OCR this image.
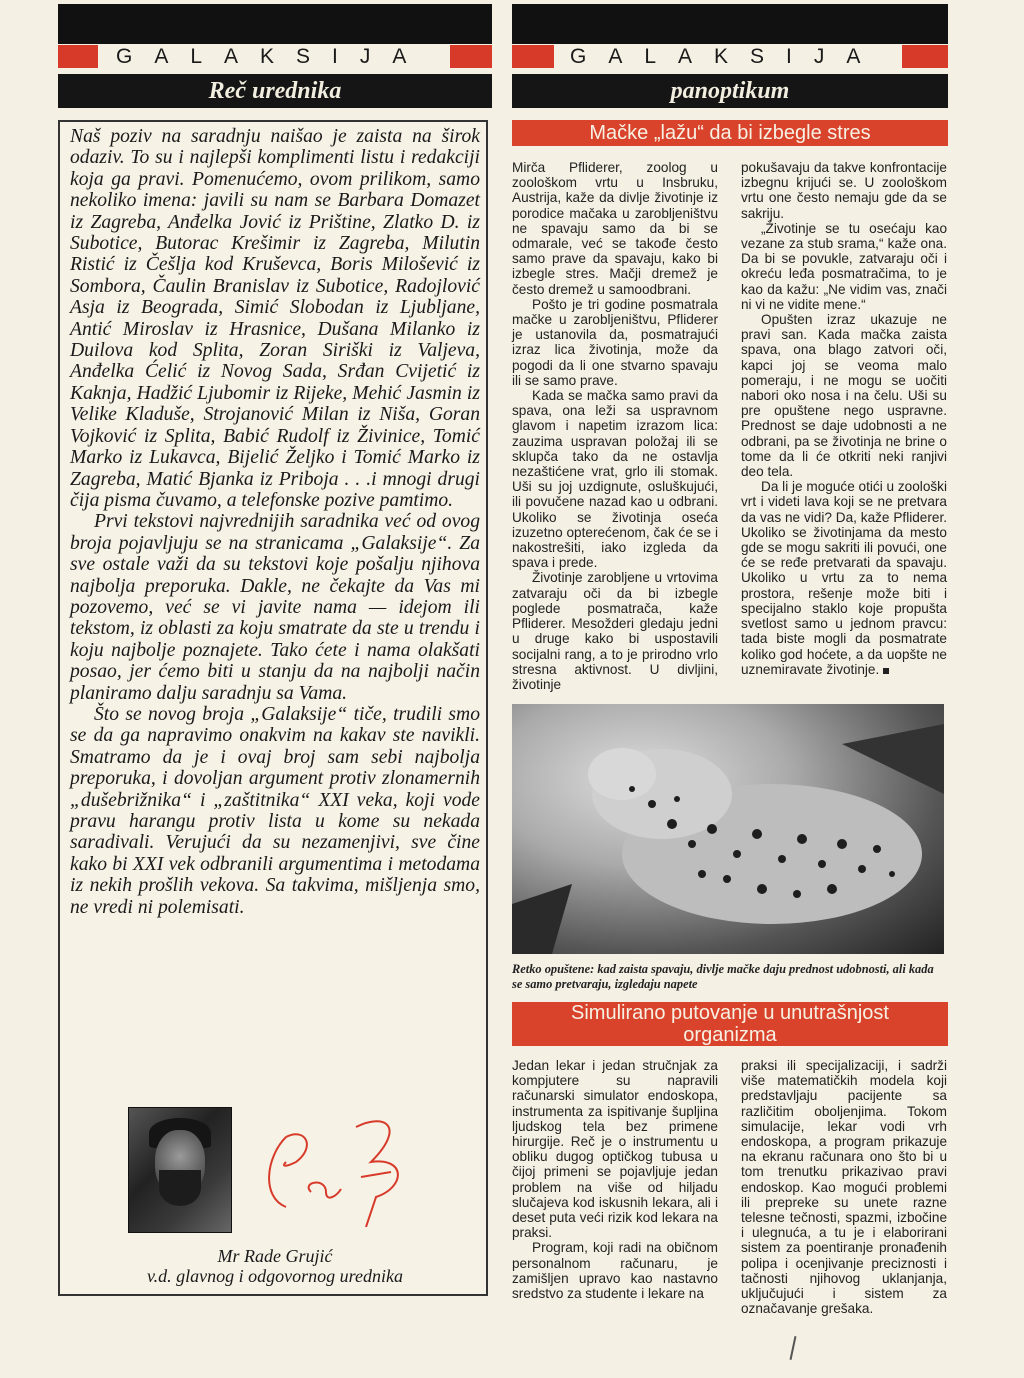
GALAKSIJA
Reč urednika

Naš poziv na saradnju naišao je zaista na širok odaziv. To su i najlepši komplimenti listu i redakciji koja ga pravi. Pomenućemo, ovom prilikom, samo nekoliko imena: javili su nam se Barbara Domazet iz Zagreba, Anđelka Jović iz Prištine, Zlatko D. iz Subotice, Butorac Krešimir iz Zagreba, Milutin Ristić iz Češlja kod Kruševca, Boris Milošević iz Sombora, Čaulin Branislav iz Subotice, Radojlović Asja iz Beograda, Simić Slobodan iz Ljubljane, Antić Miroslav iz Hrasnice, Dušana Milanko iz Duilova kod Splita, Zoran Siriški iz Valjeva, Anđelka Ćelić iz Novog Sada, Srđan Cvijetić iz Kaknja, Hadžić Ljubomir iz Rijeke, Mehić Jasmin iz Velike Kladuše, Strojanović Milan iz Niša, Goran Vojković iz Splita, Babić Rudolf iz Živinice, Tomić Marko iz Lukavca, Bijelić Željko i Tomić Marko iz Zagreba, Matić Bjanka iz Priboja . . .i mnogi drugi čija pisma čuvamo, a telefonske pozive pamtimo.

Prvi tekstovi najvrednijih saradnika već od ovog broja pojavljuju se na stranicama „Galaksije“. Za sve ostale važi da su tekstovi koje pošalju njihova najbolja preporuka. Dakle, ne čekajte da Vas mi pozovemo, već se vi javite nama — idejom ili tekstom, iz oblasti za koju smatrate da ste u trendu i koju najbolje poznajete. Tako ćete i nama olakšati posao, jer ćemo biti u stanju da na najbolji način planiramo dalju saradnju sa Vama.

Što se novog broja „Galaksije“ tiče, trudili smo se da ga napravimo onakvim na kakav ste navikli. Smatramo da je i ovaj broj sam sebi najbolja preporuka, i dovoljan argument protiv zlonamernih „dušebrižnika“ i „zaštitnika“ XXI veka, koji vode pravu harangu protiv lista u kome su nekada saradivali. Verujući da su nezamenjivi, sve čine kako bi XXI vek odbranili argumentima i metodama iz nekih prošlih vekova. Sa takvima, mišljenja smo, ne vredi ni polemisati.

Mr Rade Grujić
v.d. glavnog i odgovornog urednika
GALAKSIJA
panoptikum
Mačke „lažu“ da bi izbegle stres

Mirča Pfliderer, zoolog u zoološkom vrtu u Insbruku, Austrija, kaže da divlje životinje iz porodice mačaka u zarobljeništvu ne spavaju samo da bi se odmarale, već se takođe često samo prave da spavaju, kako bi izbegle stres. Mačji dremež je često dremež u samoodbrani.

Pošto je tri godine posmatrala mačke u zarobljeništvu, Pfliderer je ustanovila da, posmatrajući izraz lica životinja, može da pogodi da li one stvarno spavaju ili se samo prave.

Kada se mačka samo pravi da spava, ona leži sa uspravnom glavom i napetim izrazom lica: zauzima uspravan položaj ili se sklupča tako da ne ostavlja nezaštićene vrat, grlo ili stomak. Uši su joj uzdignute, osluškujući, ili povučene nazad kao u odbrani. Ukoliko se životinja oseća izuzetno opterećenom, čak će se i nakostrešiti, iako izgleda da spava i prede.

Životinje zarobljene u vrtovima zatvaraju oči da bi izbegle poglede posmatrača, kaže Pfliderer. Mesožderi gledaju jedni u druge kako bi uspostavili socijalni rang, a to je prirodno vrlo stresna aktivnost. U divljini, životinje

pokušavaju da takve konfrontacije izbegnu krijući se. U zoološkom vrtu one često nemaju gde da se sakriju.

„Životinje se tu osećaju kao vezane za stub srama,“ kaže ona. Da bi se povukle, zatvaraju oči i okreću leđa posmatračima, to je kao da kažu: „Ne vidim vas, znači ni vi ne vidite mene.“

Opušten izraz ukazuje ne pravi san. Kada mačka zaista spava, ona blago zatvori oči, kapci joj se veoma malo pomeraju, i ne mogu se uočiti nabori oko nosa i na čelu. Uši su pre opuštene nego uspravne. Prednost se daje udobnosti a ne odbrani, pa se životinja ne brine o tome da li će otkriti neki ranjivi deo tela.

Da li je moguće otići u zoološki vrt i videti lava koji se ne pretvara da vas ne vidi? Da, kaže Pfliderer. Ukoliko se životinjama da mesto gde se mogu sakriti ili povući, one će se ređe pretvarati da spavaju. Ukoliko u vrtu za to nema prostora, rešenje može biti i specijalno staklo koje propušta svetlost samo u jednom pravcu: tada biste mogli da posmatrate koliko god hoćete, a da uopšte ne uznemiravate životinje.

Retko opuštene: kad zaista spavaju, divlje mačke daju prednost udobnosti, ali kada se samo pretvaraju, izgledaju napete
Simulirano putovanje u unutrašnjost
organizma

Jedan lekar i jedan stručnjak za kompjutere su napravili računarski simulator endoskopa, instrumenta za ispitivanje šupljina ljudskog tela bez primene hirurgije. Reč je o instrumentu u obliku dugog optičkog tubusa u čijoj primeni se pojavljuje jedan problem na više od hiljadu slučajeva kod iskusnih lekara, ali i deset puta veći rizik kod lekara na praksi.

Program, koji radi na običnom personalnom računaru, je zamišljen upravo kao nastavno sredstvo za studente i lekare na

praksi ili specijalizaciji, i sadrži više matematičkih modela koji predstavljaju pacijente sa različitim oboljenjima. Tokom simulacije, lekar vodi vrh endoskopa, a program prikazuje na ekranu računara ono što bi u tom trenutku prikazivao pravi endoskop. Kao mogući problemi ili prepreke su unete razne telesne tečnosti, spazmi, izbočine i ulegnuća, a tu je i elaborirani sistem za poentiranje pronađenih polipa i ocenjivanje preciznosti i tačnosti njihovog uklanjanja, uključujući i sistem za označavanje grešaka.
